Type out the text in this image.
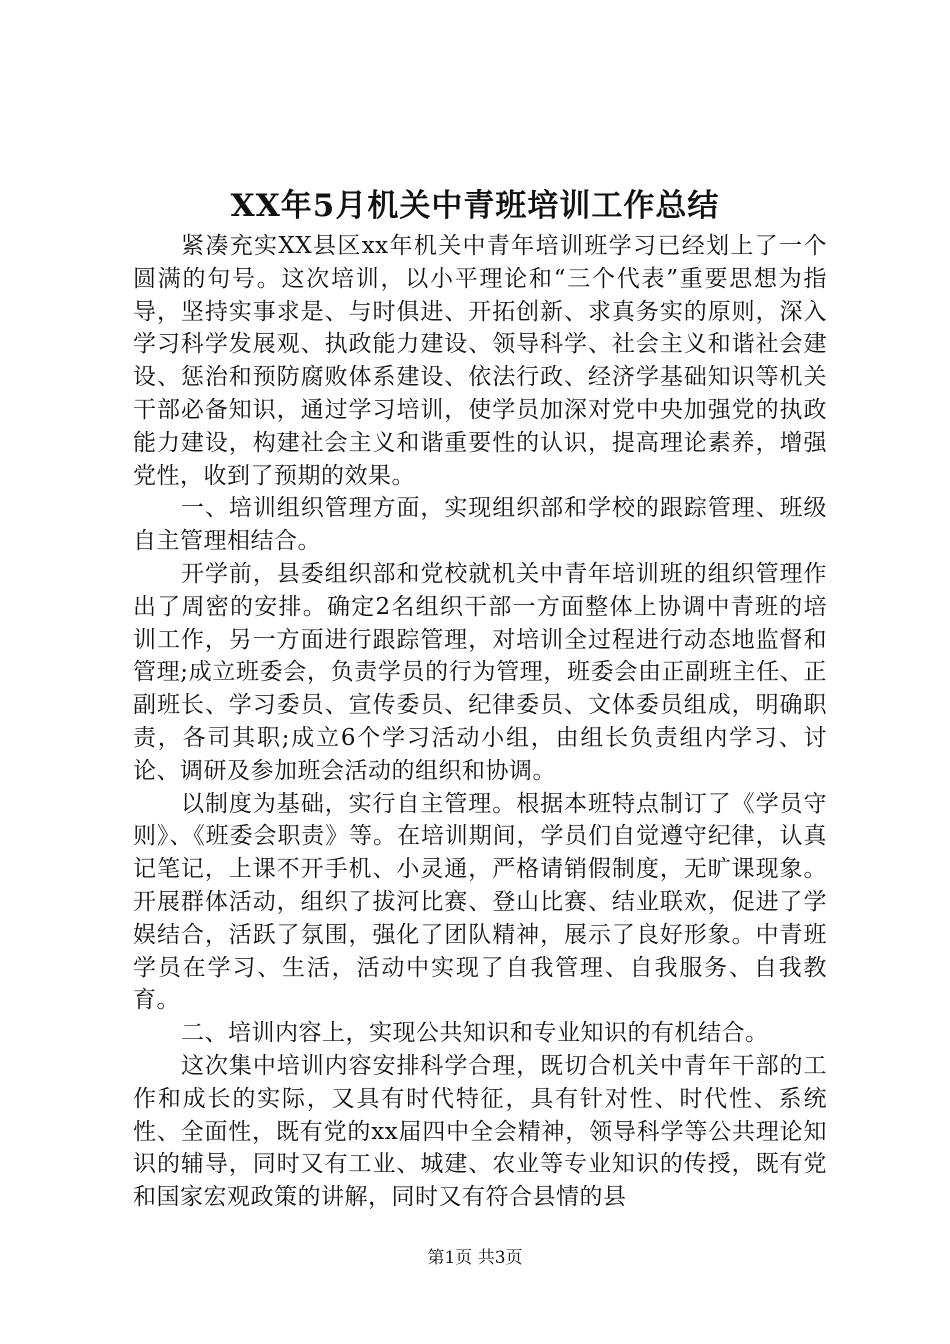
XX年5月机关中青班培训工作总结

紧凑充实XX县区xx年机关中青年培训班学习已经划上了一个圆满的句号。这次培训，以小平理论和“三个代表”重要思想为指导，坚持实事求是、与时俱进、开拓创新、求真务实的原则，深入学习科学发展观、执政能力建设、领导科学、社会主义和谐社会建设、惩治和预防腐败体系建设、依法行政、经济学基础知识等机关干部必备知识，通过学习培训，使学员加深对党中央加强党的执政能力建设，构建社会主义和谐重要性的认识，提高理论素养，增强党性，收到了预期的效果。

一、培训组织管理方面，实现组织部和学校的跟踪管理、班级自主管理相结合。

开学前，县委组织部和党校就机关中青年培训班的组织管理作出了周密的安排。确定2名组织干部一方面整体上协调中青班的培训工作，另一方面进行跟踪管理，对培训全过程进行动态地监督和管理;成立班委会，负责学员的行为管理，班委会由正副班主任、正副班长、学习委员、宣传委员、纪律委员、文体委员组成，明确职责，各司其职;成立6个学习活动小组，由组长负责组内学习、讨论、调研及参加班会活动的组织和协调。

以制度为基础，实行自主管理。根据本班特点制订了《学员守则》、《班委会职责》等。在培训期间，学员们自觉遵守纪律，认真记笔记，上课不开手机、小灵通，严格请销假制度，无旷课现象。开展群体活动，组织了拔河比赛、登山比赛、结业联欢，促进了学娱结合，活跃了氛围，强化了团队精神，展示了良好形象。中青班学员在学习、生活，活动中实现了自我管理、自我服务、自我教育。

二、培训内容上，实现公共知识和专业知识的有机结合。

这次集中培训内容安排科学合理，既切合机关中青年干部的工作和成长的实际，又具有时代特征，具有针对性、时代性、系统性、全面性，既有党的xx届四中全会精神，领导科学等公共理论知识的辅导，同时又有工业、城建、农业等专业知识的传授，既有党和国家宏观政策的讲解，同时又有符合县情的县

第1页 共3页
